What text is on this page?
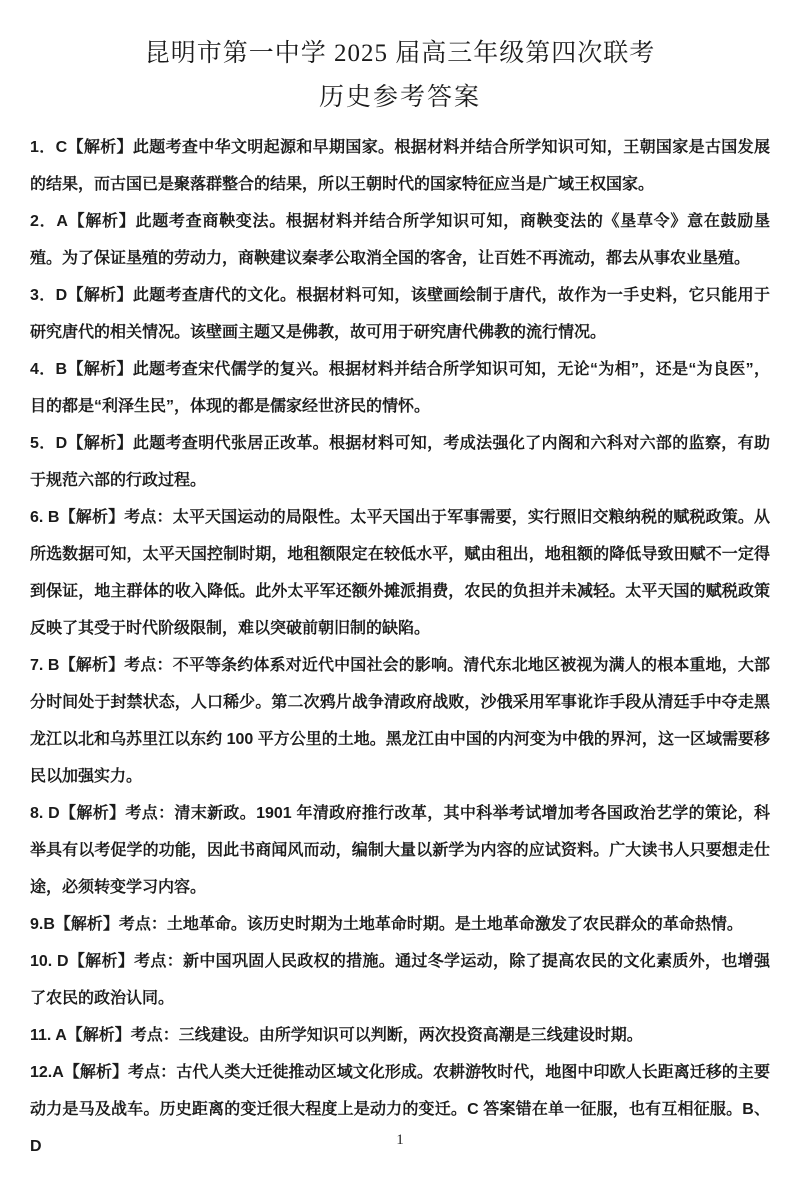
昆明市第一中学 2025 届高三年级第四次联考
历史参考答案

1．C【解析】此题考查中华文明起源和早期国家。根据材料并结合所学知识可知，王朝国家是古国发展的结果，而古国已是聚落群整合的结果，所以王朝时代的国家特征应当是广域王权国家。

2．A【解析】此题考查商鞅变法。根据材料并结合所学知识可知，商鞅变法的《垦草令》意在鼓励垦殖。为了保证垦殖的劳动力，商鞅建议秦孝公取消全国的客舍，让百姓不再流动，都去从事农业垦殖。

3．D【解析】此题考查唐代的文化。根据材料可知，该壁画绘制于唐代，故作为一手史料，它只能用于研究唐代的相关情况。该壁画主题又是佛教，故可用于研究唐代佛教的流行情况。

4．B【解析】此题考查宋代儒学的复兴。根据材料并结合所学知识可知，无论“为相”，还是“为良医”，目的都是“利泽生民”，体现的都是儒家经世济民的情怀。

5．D【解析】此题考查明代张居正改革。根据材料可知，考成法强化了内阁和六科对六部的监察，有助于规范六部的行政过程。

6. B【解析】考点：太平天国运动的局限性。太平天国出于军事需要，实行照旧交粮纳税的赋税政策。从所选数据可知，太平天国控制时期，地租额限定在较低水平，赋由租出，地租额的降低导致田赋不一定得到保证，地主群体的收入降低。此外太平军还额外摊派捐费，农民的负担并未减轻。太平天国的赋税政策反映了其受于时代阶级限制，难以突破前朝旧制的缺陷。

7. B【解析】考点：不平等条约体系对近代中国社会的影响。清代东北地区被视为满人的根本重地，大部分时间处于封禁状态，人口稀少。第二次鸦片战争清政府战败，沙俄采用军事讹诈手段从清廷手中夺走黑龙江以北和乌苏里江以东约 100 平方公里的土地。黑龙江由中国的内河变为中俄的界河，这一区域需要移民以加强实力。

8. D【解析】考点：清末新政。1901 年清政府推行改革，其中科举考试增加考各国政治艺学的策论，科举具有以考促学的功能，因此书商闻风而动，编制大量以新学为内容的应试资料。广大读书人只要想走仕途，必须转变学习内容。

9.B【解析】考点：土地革命。该历史时期为土地革命时期。是土地革命激发了农民群众的革命热情。

10. D【解析】考点：新中国巩固人民政权的措施。通过冬学运动，除了提高农民的文化素质外，也增强了农民的政治认同。

11. A【解析】考点：三线建设。由所学知识可以判断，两次投资高潮是三线建设时期。

12.A【解析】考点：古代人类大迁徙推动区域文化形成。农耕游牧时代，地图中印欧人长距离迁移的主要动力是马及战车。历史距离的变迁很大程度上是动力的变迁。C 答案错在单一征服，也有互相征服。B、D	1
